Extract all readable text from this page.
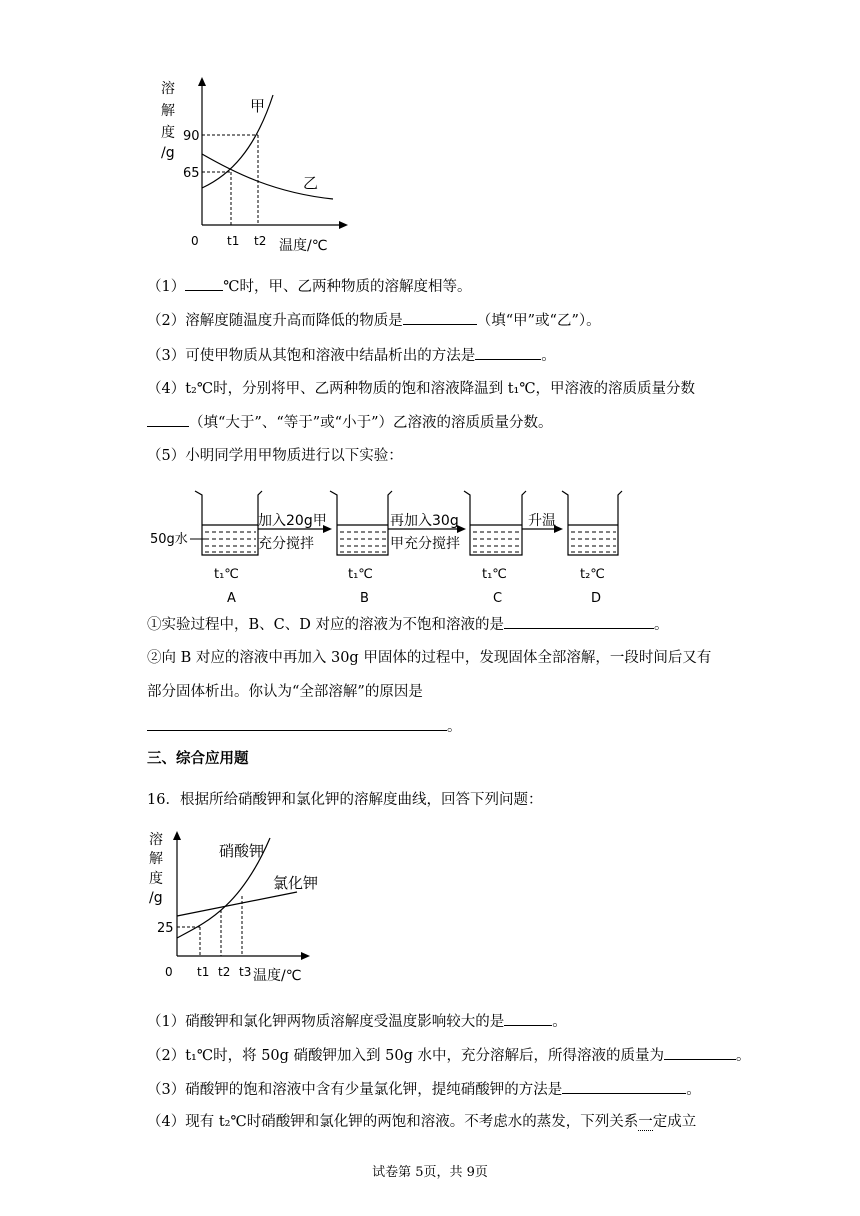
溶
解
度
/g
90
65
0
甲
乙
t1 t2 温度/℃
（1）	℃时，甲、乙两种物质的溶解度相等。
（2）溶解度随温度升高而降低的物质是	（填“甲”或“乙”）。
（3）可使甲物质从其饱和溶液中结晶析出的方法是	。
（4）t₂℃时，分别将甲、乙两种物质的饱和溶液降温到 t₁℃，甲溶液的溶质质量分数
（填“大于”、“等于”或“小于”）乙溶液的溶质质量分数。
（5）小明同学用甲物质进行以下实验：
50g水
加入20g甲
充分搅拌
再加入30g
甲充分搅拌
升温
t₁℃	t₁℃	t₁℃	t₂℃
A	B	C	D
①实验过程中，B、C、D 对应的溶液为不饱和溶液的是	。
②向 B 对应的溶液中再加入 30g 甲固体的过程中，发现固体全部溶解，一段时间后又有
部分固体析出。你认为“全部溶解”的原因是
。
三、综合应用题
16．根据所给硝酸钾和氯化钾的溶解度曲线，回答下列问题：
溶
解
度
/g
25
0
硝酸钾
氯化钾
t1 t2 t3 温度/℃
（1）硝酸钾和氯化钾两物质溶解度受温度影响较大的是	。
（2）t₁℃时，将 50g 硝酸钾加入到 50g 水中，充分溶解后，所得溶液的质量为	。
（3）硝酸钾的饱和溶液中含有少量氯化钾，提纯硝酸钾的方法是	。
（4）现有 t₂℃时硝酸钾和氯化钾的两饱和溶液。不考虑水的蒸发，下列关系一定成立
试卷第 5页，共 9页
